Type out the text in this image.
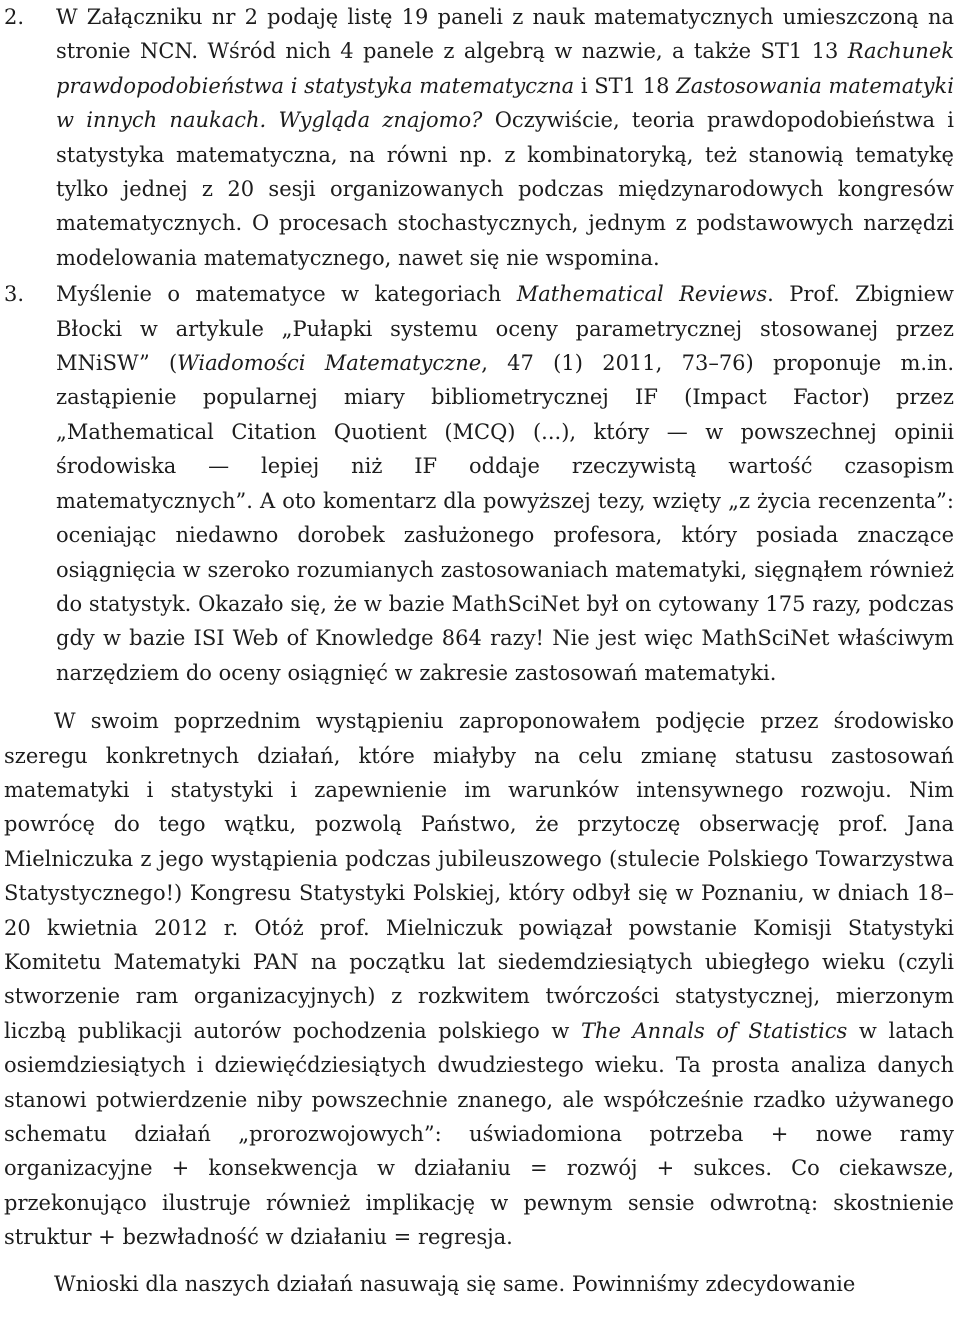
2.	W Załączniku nr 2 podaję listę 19 paneli z nauk matematycznych umieszczoną na stronie NCN. Wśród nich 4 panele z algebrą w nazwie, a także ST1 13 Rachunek prawdopodobieństwa i statystyka matematyczna i ST1 18 Zastosowania matematyki w innych naukach. Wygląda znajomo? Oczywiście, teoria prawdopodobieństwa i statystyka matematyczna, na równi np. z kombinatoryką, też stanowią tematykę tylko jednej z 20 sesji organizowanych podczas międzynarodowych kongresów matematycznych. O procesach stochastycznych, jednym z podstawowych narzędzi modelowania matematycznego, nawet się nie wspomina.

3.	Myślenie o matematyce w kategoriach Mathematical Reviews. Prof. Zbigniew Błocki w artykule „Pułapki systemu oceny parametrycznej stosowanej przez MNiSW” (Wiadomości Matematyczne, 47 (1) 2011, 73–76) proponuje m.in. zastąpienie popularnej miary bibliometrycznej IF (Impact Factor) przez „Mathematical Citation Quotient (MCQ) (...), który — w powszechnej opinii środowiska — lepiej niż IF oddaje rzeczywistą wartość czasopism matematycznych”. A oto komentarz dla powyższej tezy, wzięty „z życia recenzenta”: oceniając niedawno dorobek zasłużonego profesora, który posiada znaczące osiągnięcia w szeroko rozumianych zastosowaniach matematyki, sięgnąłem również do statystyk. Okazało się, że w bazie MathSciNet był on cytowany 175 razy, podczas gdy w bazie ISI Web of Knowledge 864 razy! Nie jest więc MathSciNet właściwym narzędziem do oceny osiągnięć w zakresie zastosowań matematyki.

W swoim poprzednim wystąpieniu zaproponowałem podjęcie przez środowisko szeregu konkretnych działań, które miałyby na celu zmianę statusu zastosowań matematyki i statystyki i zapewnienie im warunków intensywnego rozwoju. Nim powrócę do tego wątku, pozwolą Państwo, że przytoczę obserwację prof. Jana Mielniczuka z jego wystąpienia podczas jubileuszowego (stulecie Polskiego Towarzystwa Statystycznego!) Kongresu Statystyki Polskiej, który odbył się w Poznaniu, w dniach 18–20 kwietnia 2012 r. Otóż prof. Mielniczuk powiązał powstanie Komisji Statystyki Komitetu Matematyki PAN na początku lat siedemdziesiątych ubiegłego wieku (czyli stworzenie ram organizacyjnych) z rozkwitem twórczości statystycznej, mierzonym liczbą publikacji autorów pochodzenia polskiego w The Annals of Statistics w latach osiemdziesiątych i dziewięćdziesiątych dwudziestego wieku. Ta prosta analiza danych stanowi potwierdzenie niby powszechnie znanego, ale współcześnie rzadko używanego schematu działań „prorozwojowych”: uświadomiona potrzeba + nowe ramy organizacyjne + konsekwencja w działaniu = rozwój + sukces. Co ciekawsze, przekonująco ilustruje również implikację w pewnym sensie odwrotną: skostnienie struktur + bezwładność w działaniu = regresja.

Wnioski dla naszych działań nasuwają się same. Powinniśmy zdecydowanie
